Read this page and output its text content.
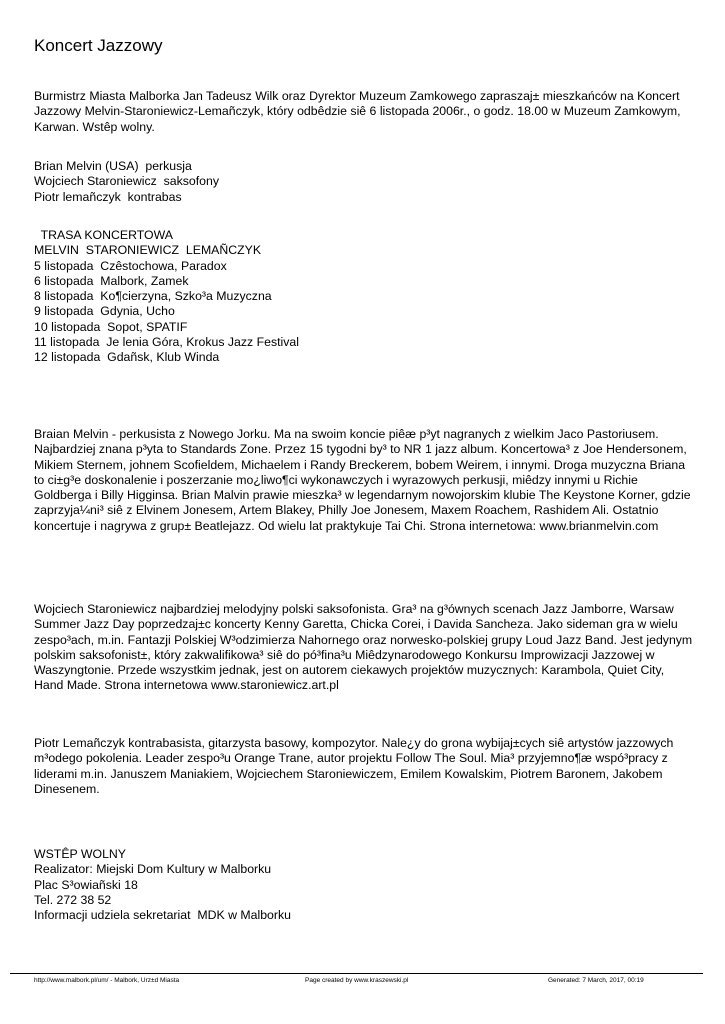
Koncert Jazzowy

Burmistrz Miasta Malborka Jan Tadeusz Wilk oraz Dyrektor Muzeum Zamkowego zapraszaj± mieszkańców na Koncert Jazzowy Melvin-Staroniewicz-Lemañczyk, który odbêdzie siê 6 listopada 2006r., o godz. 18.00 w Muzeum Zamkowym, Karwan. Wstêp wolny.

Brian Melvin (USA)  perkusja
Wojciech Staroniewicz  saksofony
Piotr lemañczyk  kontrabas
TRASA KONCERTOWA
MELVIN  STARONIEWICZ  LEMAÑCZYK
5 listopada  Czêstochowa, Paradox
6 listopada  Malbork, Zamek
8 listopada  Ko¶cierzyna, Szko³a Muzyczna
9 listopada  Gdynia, Ucho
10 listopada  Sopot, SPATIF
11 listopada  Je lenia Góra, Krokus Jazz Festival
12 listopada  Gdañsk, Klub Winda

Braian Melvin - perkusista z Nowego Jorku. Ma na swoim koncie piêæ p³yt nagranych z wielkim Jaco Pastoriusem. Najbardziej znana p³yta to Standards Zone. Przez 15 tygodni by³ to NR 1 jazz album. Koncertowa³ z Joe Hendersonem, Mikiem Sternem, johnem Scofieldem, Michaelem i Randy Breckerem, bobem Weirem, i innymi. Droga muzyczna Briana to ci±g³e doskonalenie i poszerzanie mo¿liwo¶ci wykonawczych i wyrazowych perkusji, miêdzy innymi u Richie Goldberga i Billy Higginsa. Brian Malvin prawie mieszka³ w legendarnym nowojorskim klubie The Keystone Korner, gdzie zaprzyja¼ni³ siê z Elvinem Jonesem, Artem Blakey, Philly Joe Jonesem, Maxem Roachem, Rashidem Ali. Ostatnio koncertuje i nagrywa z grup± Beatlejazz. Od wielu lat praktykuje Tai Chi. Strona internetowa: www.brianmelvin.com

Wojciech Staroniewicz najbardziej melodyjny polski saksofonista. Gra³ na g³ównych scenach Jazz Jamborre, Warsaw Summer Jazz Day poprzedzaj±c koncerty Kenny Garetta, Chicka Corei, i Davida Sancheza. Jako sideman gra w wielu zespo³ach, m.in. Fantazji Polskiej W³odzimierza Nahornego oraz norwesko-polskiej grupy Loud Jazz Band. Jest jedynym polskim saksofonist±, który zakwalifikowa³ siê do pó³fina³u Miêdzynarodowego Konkursu Improwizacji Jazzowej w Waszyngtonie. Przede wszystkim jednak, jest on autorem ciekawych projektów muzycznych: Karambola, Quiet City, Hand Made. Strona internetowa www.staroniewicz.art.pl

Piotr Lemañczyk kontrabasista, gitarzysta basowy, kompozytor. Nale¿y do grona wybijaj±cych siê artystów jazzowych m³odego pokolenia. Leader zespo³u Orange Trane, autor projektu Follow The Soul. Mia³ przyjemno¶æ wspó³pracy z liderami m.in. Januszem Maniakiem, Wojciechem Staroniewiczem, Emilem Kowalskim, Piotrem Baronem, Jakobem Dinesenem.

WSTÊP WOLNY
Realizator: Miejski Dom Kultury w Malborku
Plac S³owiañski 18
Tel. 272 38 52
Informacji udziela sekretariat  MDK w Malborku
http://www.malbork.pl/um/ - Malbork, Urz±d Miasta	Page created by www.kraszewski.pl	Generated: 7 March, 2017, 00:19
